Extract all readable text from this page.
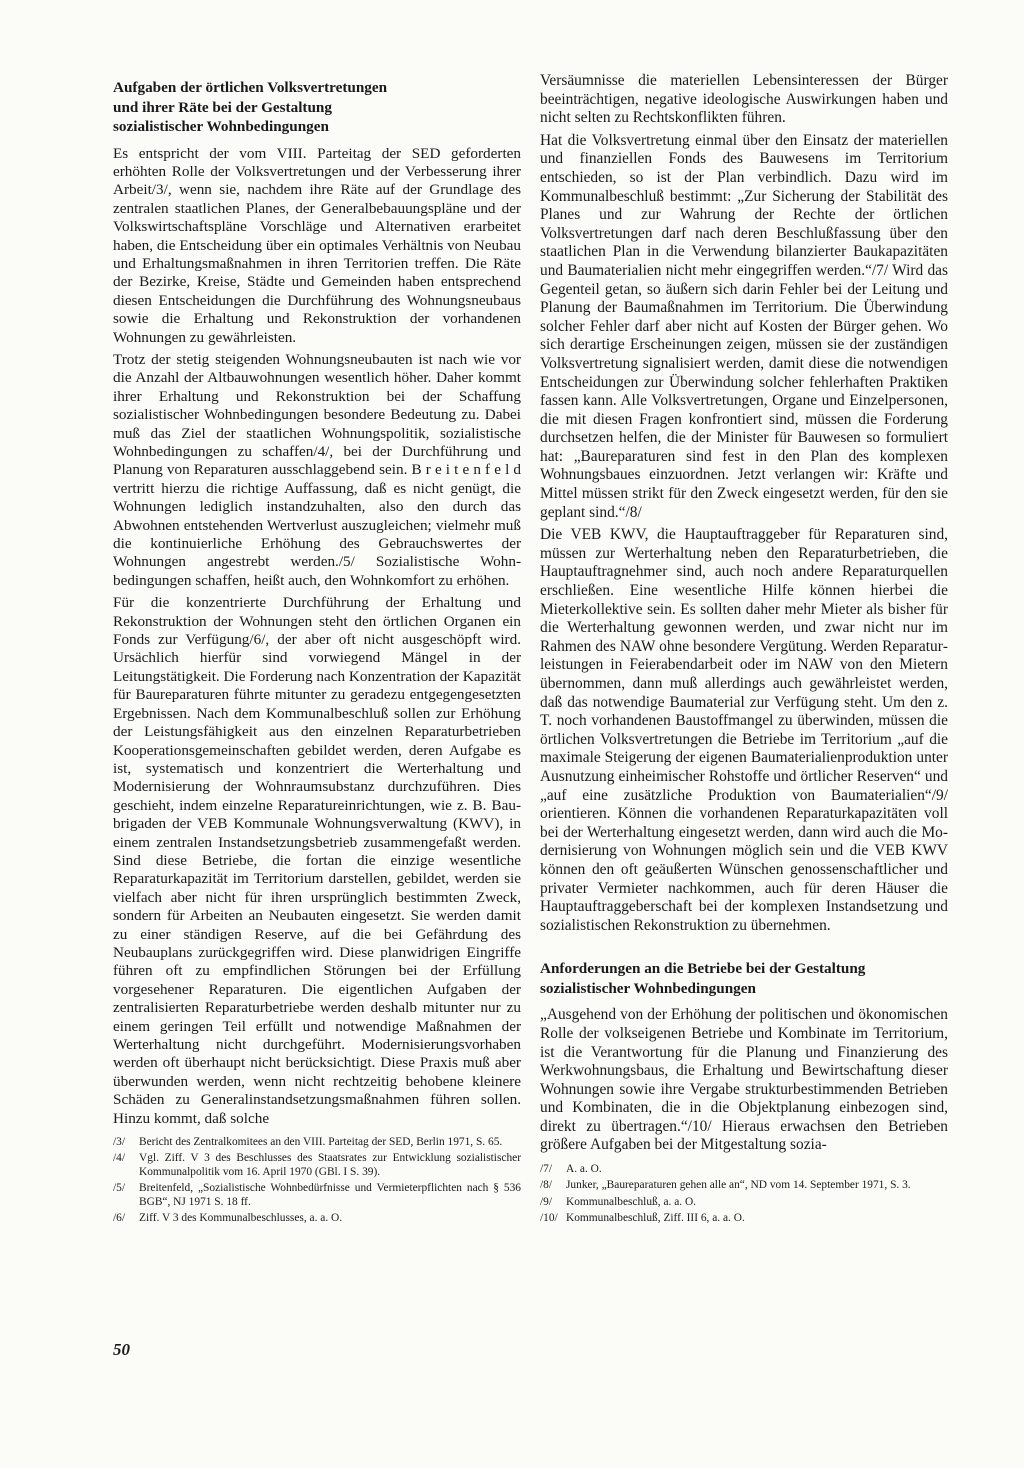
Aufgaben der örtlichen Volksvertretungen
und ihrer Räte bei der Gestaltung
sozialistischer Wohnbedingungen

Es entspricht der vom VIII. Parteitag der SED geforderten erhöhten Rolle der Volksvertretungen und der Verbesserung ihrer Arbeit/3/, wenn sie, nachdem ihre Räte auf der Grundlage des zentralen staatlichen Planes, der Generalbebauungspläne und der Volkswirtschaftspläne Vorschläge und Alternativen erarbeitet haben, die Entscheidung über ein optimales Verhältnis von Neubau und Erhaltungsmaßnahmen in ihren Territorien treffen. Die Räte der Bezirke, Kreise, Städte und Gemeinden haben entsprechend diesen Entscheidungen die Durchführung des Wohnungsneubaus sowie die Erhaltung und Rekonstruktion der vorhandenen Wohnungen zu gewährleisten.

Trotz der stetig steigenden Wohnungsneubauten ist nach wie vor die Anzahl der Altbauwohnungen wesentlich höher. Daher kommt ihrer Erhaltung und Rekonstruktion bei der Schaffung sozialistischer Wohnbedingungen besondere Bedeutung zu. Dabei muß das Ziel der staatlichen Wohnungspolitik, sozialistische Wohnbedingungen zu schaffen/4/, bei der Durchführung und Planung von Reparaturen ausschlaggebend sein. B r e i t e n f e l d vertritt hierzu die richtige Auffassung, daß es nicht genügt, die Wohnungen lediglich instandzuhalten, also den durch das Abwohnen entstehenden Wertverlust auszugleichen; vielmehr muß die kontinuierliche Erhöhung des Gebrauchswertes der Wohnungen angestrebt werden./5/ Sozialistische Wohnbedingungen schaffen, heißt auch, den Wohnkomfort zu erhöhen.

Für die konzentrierte Durchführung der Erhaltung und Rekonstruktion der Wohnungen steht den örtlichen Organen ein Fonds zur Verfügung/6/, der aber oft nicht ausgeschöpft wird. Ursächlich hierfür sind vorwiegend Mängel in der Leitungstätigkeit. Die Forderung nach Konzentration der Kapazität für Baureparaturen führte mitunter zu geradezu entgegengesetzten Ergebnissen. Nach dem Kommunalbeschluß sollen zur Erhöhung der Leistungsfähigkeit aus den einzelnen Reparaturbetrieben Kooperationsgemeinschaften gebildet werden, deren Aufgabe es ist, systematisch und konzentriert die Werterhaltung und Modernisierung der Wohnraumsubstanz durchzuführen. Dies geschieht, indem einzelne Reparatureinrichtungen, wie z. B. Baubrigaden der VEB Kommunale Wohnungsverwaltung (KWV), in einem zentralen Instandsetzungsbetrieb zusammengefaßt werden. Sind diese Betriebe, die fortan die einzige wesentliche Reparaturkapazität im Territorium darstellen, gebildet, werden sie vielfach aber nicht für ihren ursprünglich bestimmten Zweck, sondern für Arbeiten an Neubauten eingesetzt. Sie werden damit zu einer ständigen Reserve, auf die bei Gefährdung des Neubauplans zurückgegriffen wird. Diese planwidrigen Eingriffe führen oft zu empfindlichen Störungen bei der Erfüllung vorgesehener Reparaturen. Die eigentlichen Aufgaben der zentralisierten Reparaturbetriebe werden deshalb mitunter nur zu einem geringen Teil erfüllt und notwendige Maßnahmen der Werterhaltung nicht durchgeführt. Modernisierungsvorhaben werden oft überhaupt nicht berücksichtigt. Diese Praxis muß aber überwunden werden, wenn nicht rechtzeitig behobene kleinere Schäden zu Generalinstandsetzungsmaßnahmen führen sollen. Hinzu kommt, daß solche

/3/ Bericht des Zentralkomitees an den VIII. Parteitag der SED, Berlin 1971, S. 65.

/4/ Vgl. Ziff. V 3 des Beschlusses des Staatsrates zur Entwicklung sozialistischer Kommunalpolitik vom 16. April 1970 (GBl. I S. 39).

/5/ Breitenfeld, „Sozialistische Wohnbedürfnisse und Vermieterpflichten nach § 536 BGB“, NJ 1971 S. 18 ff.

/6/ Ziff. V 3 des Kommunalbeschlusses, a. a. O.

Versäumnisse die materiellen Lebensinteressen der Bürger beeinträchtigen, negative ideologische Auswirkungen haben und nicht selten zu Rechtskonflikten führen.

Hat die Volksvertretung einmal über den Einsatz der materiellen und finanziellen Fonds des Bauwesens im Territorium entschieden, so ist der Plan verbindlich. Dazu wird im Kommunalbeschluß bestimmt: „Zur Sicherung der Stabilität des Planes und zur Wahrung der Rechte der örtlichen Volksvertretungen darf nach deren Beschlußfassung über den staatlichen Plan in die Verwendung bilanzierter Baukapazitäten und Baumaterialien nicht mehr eingegriffen werden.“/7/ Wird das Gegenteil getan, so äußern sich darin Fehler bei der Leitung und Planung der Baumaßnahmen im Territorium. Die Überwindung solcher Fehler darf aber nicht auf Kosten der Bürger gehen. Wo sich derartige Erscheinungen zeigen, müssen sie der zuständigen Volksvertretung signalisiert werden, damit diese die notwendigen Entscheidungen zur Überwindung solcher fehlerhaften Praktiken fassen kann. Alle Volksvertretungen, Organe und Einzelpersonen, die mit diesen Fragen konfrontiert sind, müssen die Forderung durchsetzen helfen, die der Minister für Bauwesen so formuliert hat: „Baureparaturen sind fest in den Plan des komplexen Wohnungsbaues einzuordnen. Jetzt verlangen wir: Kräfte und Mittel müssen strikt für den Zweck eingesetzt werden, für den sie geplant sind.“/8/

Die VEB KWV, die Hauptauftraggeber für Reparaturen sind, müssen zur Werterhaltung neben den Reparaturbetrieben, die Hauptauftragnehmer sind, auch noch andere Reparaturquellen erschließen. Eine wesentliche Hilfe können hierbei die Mieterkollektive sein. Es sollten daher mehr Mieter als bisher für die Werterhaltung gewonnen werden, und zwar nicht nur im Rahmen des NAW ohne besondere Vergütung. Werden Reparaturleistungen in Feierabendarbeit oder im NAW von den Mietern übernommen, dann muß allerdings auch gewährleistet werden, daß das notwendige Baumaterial zur Verfügung steht. Um den z. T. noch vorhandenen Baustoffmangel zu überwinden, müssen die örtlichen Volksvertretungen die Betriebe im Territorium „auf die maximale Steigerung der eigenen Baumaterialienproduktion unter Ausnutzung einheimischer Rohstoffe und örtlicher Reserven“ und „auf eine zusätzliche Produktion von Baumaterialien“/9/ orientieren. Können die vorhandenen Reparaturkapazitäten voll bei der Werterhaltung eingesetzt werden, dann wird auch die Modernisierung von Wohnungen möglich sein und die VEB KWV können den oft geäußerten Wünschen genossenschaftlicher und privater Vermieter nachkommen, auch für deren Häuser die Hauptauftraggeberschaft bei der komplexen Instandsetzung und sozialistischen Rekonstruktion zu übernehmen.

Anforderungen an die Betriebe bei der Gestaltung
sozialistischer Wohnbedingungen

„Ausgehend von der Erhöhung der politischen und ökonomischen Rolle der volkseigenen Betriebe und Kombinate im Territorium, ist die Verantwortung für die Planung und Finanzierung des Werkwohnungsbaus, die Erhaltung und Bewirtschaftung dieser Wohnungen sowie ihre Vergabe strukturbestimmenden Betrieben und Kombinaten, die in die Objektplanung einbezogen sind, direkt zu übertragen.“/10/ Hieraus erwachsen den Betrieben größere Aufgaben bei der Mitgestaltung sozia-

/7/ A. a. O.

/8/ Junker, „Baureparaturen gehen alle an“, ND vom 14. September 1971, S. 3.

/9/ Kommunalbeschluß, a. a. O.

/10/ Kommunalbeschluß, Ziff. III 6, a. a. O.

50
